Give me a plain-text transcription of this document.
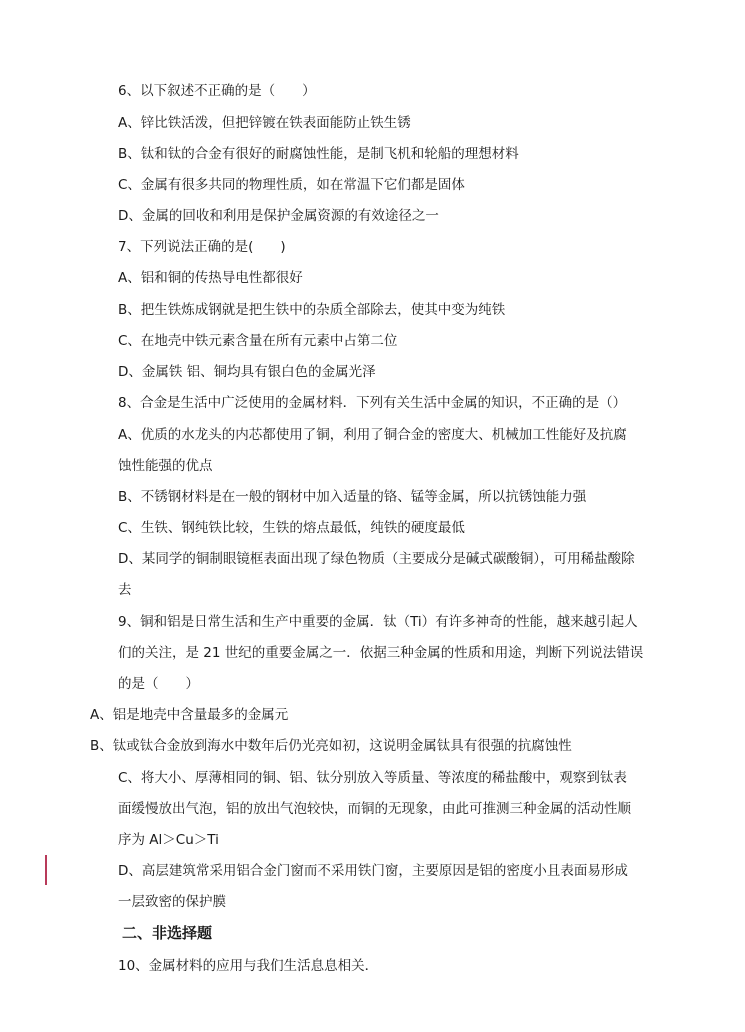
6、以下叙述不正确的是（　　）
A、锌比铁活泼，但把锌镀在铁表面能防止铁生锈
B、钛和钛的合金有很好的耐腐蚀性能，是制飞机和轮船的理想材料
C、金属有很多共同的物理性质，如在常温下它们都是固体
D、金属的回收和利用是保护金属资源的有效途径之一
7、下列说法正确的是(　　)
A、铝和铜的传热导电性都很好
B、把生铁炼成钢就是把生铁中的杂质全部除去，使其中变为纯铁
C、在地壳中铁元素含量在所有元素中占第二位
D、金属铁 铝、铜均具有银白色的金属光泽
8、合金是生活中广泛使用的金属材料．下列有关生活中金属的知识，不正确的是（）
A、优质的水龙头的内芯都使用了铜，利用了铜合金的密度大、机械加工性能好及抗腐
蚀性能强的优点
B、不锈钢材料是在一般的钢材中加入适量的铬、锰等金属，所以抗锈蚀能力强
C、生铁、钢纯铁比较，生铁的熔点最低，纯铁的硬度最低
D、某同学的铜制眼镜框表面出现了绿色物质（主要成分是碱式碳酸铜），可用稀盐酸除
去
9、铜和铝是日常生活和生产中重要的金属．钛（Ti）有许多神奇的性能，越来越引起人
们的关注，是 21 世纪的重要金属之一．依据三种金属的性质和用途，判断下列说法错误
的是（　　）
A、铝是地壳中含量最多的金属元
B、钛或钛合金放到海水中数年后仍光亮如初，这说明金属钛具有很强的抗腐蚀性
C、将大小、厚薄相同的铜、铝、钛分别放入等质量、等浓度的稀盐酸中，观察到钛表
面缓慢放出气泡，铝的放出气泡较快，而铜的无现象，由此可推测三种金属的活动性顺
序为 Al＞Cu＞Ti
D、高层建筑常采用铝合金门窗而不采用铁门窗，主要原因是铝的密度小且表面易形成
一层致密的保护膜
二、非选择题
10、金属材料的应用与我们生活息息相关．
